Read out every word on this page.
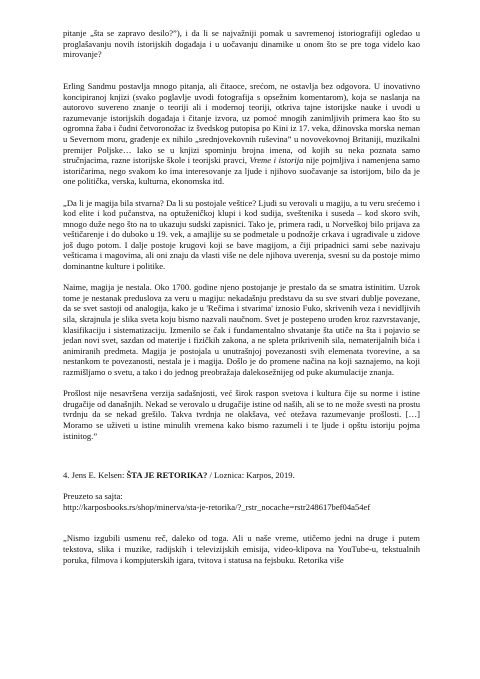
pitanje „šta se zapravo desilo?”), i da li se najvažniji pomak u savremenoj istoriografiji ogledao u proglašavanju novih istorijskih događaja i u uočavanju dinamike u onom što se pre toga videlo kao mirovanje?

Erling Sandmu postavlja mnogo pitanja, ali čitaoce, srećom, ne ostavlja bez odgovora. U inovativno koncipiranoj knjizi (svako poglavlje uvodi fotografija s opsežnim komentarom), koja se naslanja na autorovo suvereno znanje o teoriji ali i modernoj teoriji, otkriva tajne istorijske nauke i uvodi u razumevanje istorijskih događaja i čitanje izvora, uz pomoć mnogih zanimljivih primera kao što su ogromna žaba i čudni četvoronožac iz švedskog putopisa po Kini iz 17. veka, džinovska morska neman u Severnom moru, građenje ex nihilo „srednjovekovnih ruševina” u novovekovnoj Britaniji, muzikalni premijer Poljske… Iako se u knjizi spominju brojna imena, od kojih su neka poznata samo stručnjacima, razne istorijske škole i teorijski pravci, Vreme i istorija nije pojmljiva i namenjena samo istoričarima, nego svakom ko ima interesovanje za ljude i njihovo suočavanje sa istorijom, bilo da je one politička, verska, kulturna, ekonomska itd.

„Da li je magija bila stvarna? Da li su postojale veštice? Ljudi su verovali u magiju, a tu veru srećemo i kod elite i kod pučanstva, na optuženičkoj klupi i kod sudija, sveštenika i suseda – kod skoro svih, mnogo duže nego što na to ukazuju sudski zapisnici. Tako je, primera radi, u Norveškoj bilo prijava za veštičarenje i do duboko u 19. vek, a amajlije su se podmetale u podnožje crkava i ugrađivale u zidove još dugo potom. I dalje postoje krugovi koji se bave magijom, a čiji pripadnici sami sebe nazivaju vešticama i magovima, ali oni znaju da vlasti više ne dele njihova uverenja, svesni su da postoje mimo dominantne kulture i politike.

Naime, magija je nestala. Oko 1700. godine njeno postojanje je prestalo da se smatra istinitim. Uzrok tome je nestanak preduslova za veru u magiju: nekadašnju predstavu da su sve stvari dublje povezane, da se svet sastoji od analogija, kako je u 'Rečima i stvarima' iznosio Fuko, skrivenih veza i nevidljivih sila, skrajnula je slika sveta koju bismo nazvali naučnom. Svet je postepeno urođen kroz razvrstavanje, klasifikaciju i sistematizaciju. Izmenilo se čak i fundamentalno shvatanje šta utiče na šta i pojavio se jedan novi svet, sazdan od materije i fizičkih zakona, a ne spleta prikrivenih sila, nematerijalnih bića i animiranih predmeta. Magija je postojala u unutrašnjoj povezanosti svih elemenata tvorevine, a sa nestankom te povezanosti, nestala je i magija. Došlo je do promene načina na koji saznajemo, na koji razmišljamo o svetu, a tako i do jednog preobražaja dalekosežnijeg od puke akumulacije znanja.

Prošlost nije nesavršena verzija sadašnjosti, već širok raspon svetova i kultura čije su norme i istine drugačije od današnjih. Nekad se verovalo u drugačije istine od naših, ali se to ne može svesti na prostu tvrdnju da se nekad grešilo. Takva tvrdnja ne olakšava, već otežava razumevanje prošlosti. […] Moramo se uživeti u istine minulih vremena kako bismo razumeli i te ljude i opštu istoriju pojma istinitog.”

4. Jens E. Kelsen: ŠTA JE RETORIKA? / Loznica: Karpos, 2019.

Preuzeto sa sajta:

http://karposbooks.rs/shop/minerva/sta-je-retorika/?_rstr_nocache=rstr248617bef04a54ef

„Nismo izgubili usmenu reč, daleko od toga. Ali u naše vreme, utičemo jedni na druge i putem tekstova, slika i muzike, radijskih i televizijskih emisija, video-klipova na YouTube-u, tekstualnih poruka, filmova i kompjuterskih igara, tvitova i statusa na fejsbuku. Retorika više
